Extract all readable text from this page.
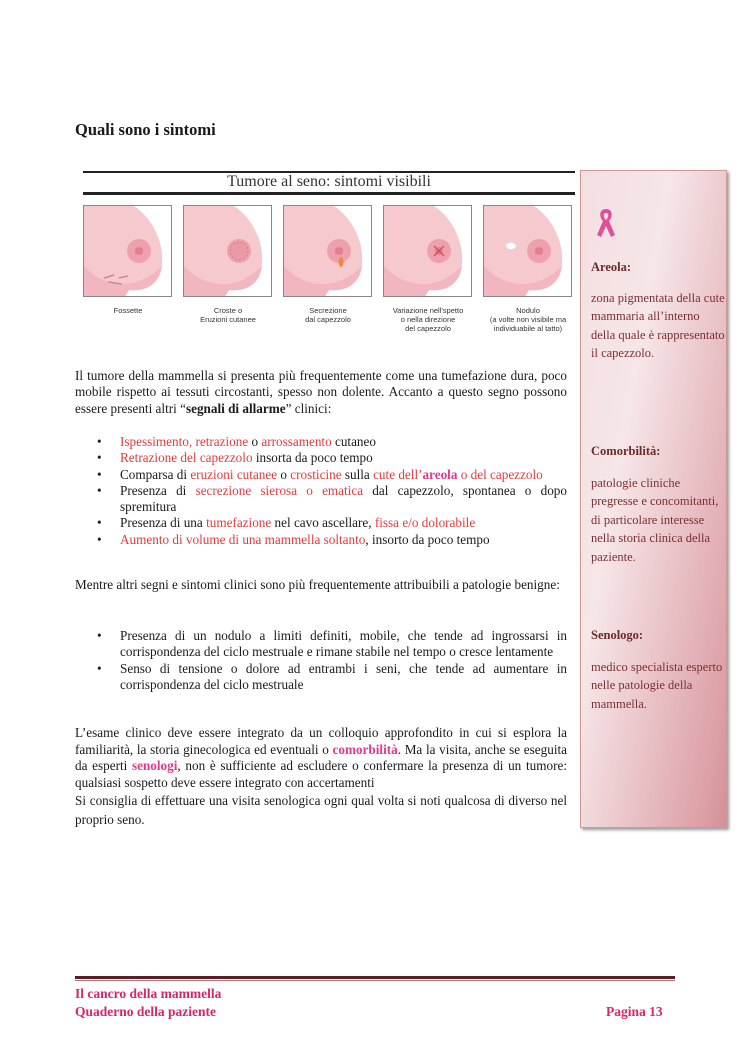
Quali sono i sintomi
Tumore al seno: sintomi visibili
Fossette	Croste o
Eruzioni cutanee
Secrezione
dal capezzolo
Variazione nell'spetto
o nella direzione
del capezzolo
Nodulo
(a volte non visibile ma
individuabile al tatto)
Il tumore della mammella si presenta più frequentemente come una tumefazione dura, poco mobile rispetto ai tessuti circostanti, spesso non dolente. Accanto a questo segno possono essere presenti altri “segnali di allarme” clinici:
• Ispessimento, retrazione o arrossamento cutaneo
• Retrazione del capezzolo insorta da poco tempo
• Comparsa di eruzioni cutanee o crosticine sulla cute dell’areola o del capezzolo
• Presenza di secrezione sierosa o ematica dal capezzolo, spontanea o dopo spremitura
• Presenza di una tumefazione nel cavo ascellare, fissa e/o dolorabile
• Aumento di volume di una mammella soltanto, insorto da poco tempo
Mentre altri segni e sintomi clinici sono più frequentemente attribuibili a patologie benigne:
• Presenza di un nodulo a limiti definiti, mobile, che tende ad ingrossarsi in corrispondenza del ciclo mestruale e rimane stabile nel tempo o cresce lentamente
• Senso di tensione o dolore ad entrambi i seni, che tende ad aumentare in corrispondenza del ciclo mestruale
L’esame clinico deve essere integrato da un colloquio approfondito in cui si esplora la familiarità, la storia ginecologica ed eventuali o comorbilità. Ma la visita, anche se eseguita da esperti senologi, non è sufficiente ad escludere o confermare la presenza di un tumore: qualsiasi sospetto deve essere integrato con accertamenti
Si consiglia di effettuare una visita senologica ogni qual volta si noti qualcosa di diverso nel proprio seno.
Areola:
zona pigmentata della cute mammaria all’interno della quale è rappresentato il capezzolo.
Comorbilità:
patologie cliniche pregresse e concomitanti, di particolare interesse nella storia clinica della paziente.
Senologo:
medico specialista esperto nelle patologie della mammella.
Il cancro della mammella
Quaderno della paziente	Pagina 13
